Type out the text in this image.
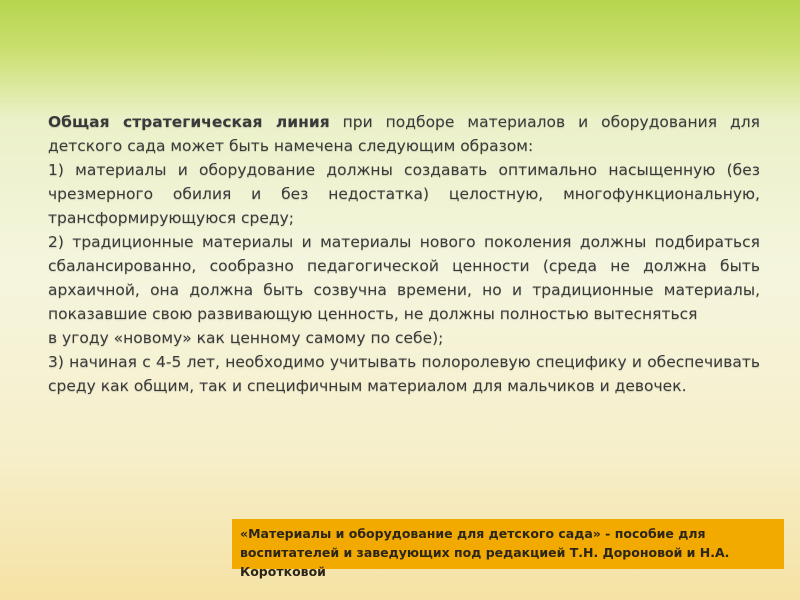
Общая стратегическая линия при подборе материалов и оборудования для детского сада может быть намечена следующим образом:

1) материалы и оборудование должны создавать оптимально насыщенную (без чрезмерного обилия и без недостатка) целостную, многофункциональную, трансформирующуюся среду;

2) традиционные материалы и материалы нового поколения должны подбираться сбалансированно, сообразно педагогической ценности (среда не должна быть архаичной, она должна быть созвучна времени, но и традиционные материалы, показавшие свою развивающую ценность, не должны полностью вытесняться

в угоду «новому» как ценному самому по себе);

3) начиная с 4-5 лет, необходимо учитывать полоролевую специфику и обеспечивать среду как общим, так и специфичным материалом для мальчиков и девочек.

«Материалы и оборудование для детского сада» - пособие для воспитателей и заведующих под редакцией Т.Н. Дороновой и Н.А. Коротковой
